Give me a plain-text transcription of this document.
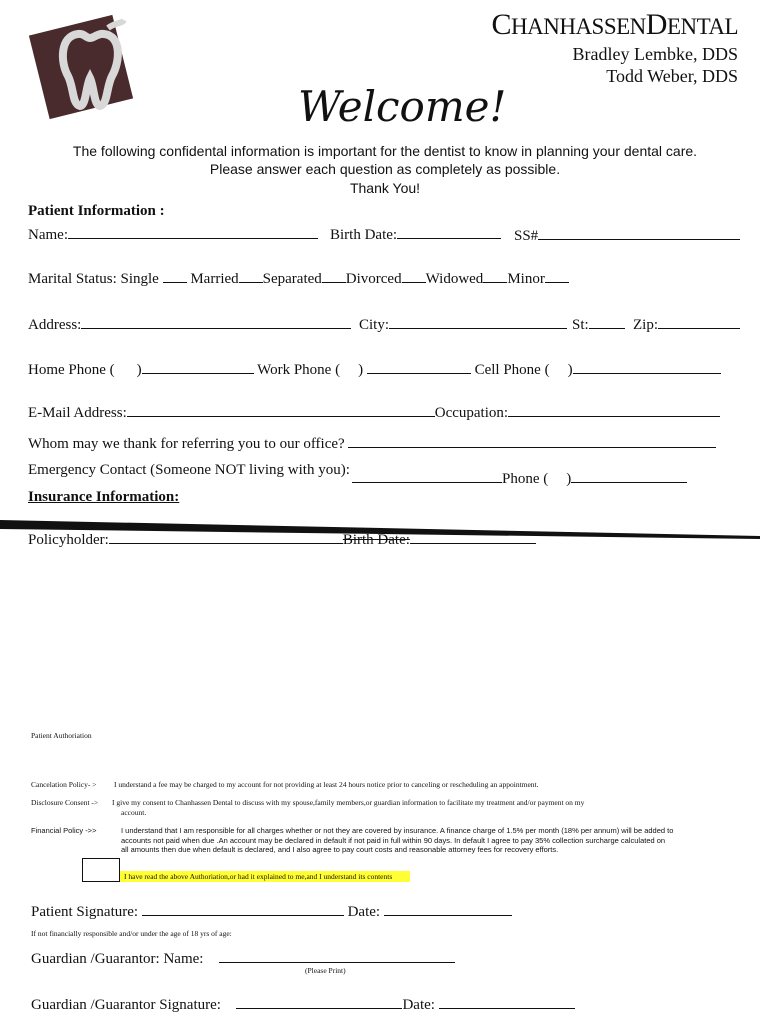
CHANHASSENDENTAL
Bradley Lembke, DDS
Todd Weber, DDS
Welcome!
The following confidental information is important for the dentist to know in planning your dental care.
Please answer each question as completely as possible.
Thank You!
Patient Information :
Name:	Birth Date:	SS#
Marital Status: Single Married Separated Divorced Widowed Minor
Address:	City:	St:	Zip:
Home Phone ( )	Work Phone ( )	Cell Phone ( )
E-Mail Address:	Occupation:
Whom may we thank for referring you to our office?
Emergency Contact (Someone NOT living with you):
Phone ( )
Insurance Information:
Policyholder:	Birth Date:
Patient Authoriation
Cancelation Policy- > I understand a fee may be charged to my account for not providing at least 24 hours notice prior to canceling or rescheduling an appointment.
Disclosure Consent -> I give my consent to Chanhassen Dental to discuss with my spouse,family members,or guardian information to facilitate my treatment and/or payment on my
account.
Financial Policy ->>	I understand that I am responsible for all charges whether or not they are covered by insurance. A finance charge of 1.5% per month (18% per annum) will be added to
accounts not paid when due .An account may be declared in default if not paid in full within 90 days. In default I agree to pay 35% collection surcharge calculated on
all amounts then due when default is declared, and I also agree to pay court costs and reasonable attorney fees for recovery efforts.
I have read the above Authoriation,or had it explained to me,and I understand its contents
Patient Signature:	Date:
If not financially responsible and/or under the age of 18 yrs of age:
Guardian /Guarantor: Name:
(Please Print)
Guardian /Guarantor Signature:	Date:
